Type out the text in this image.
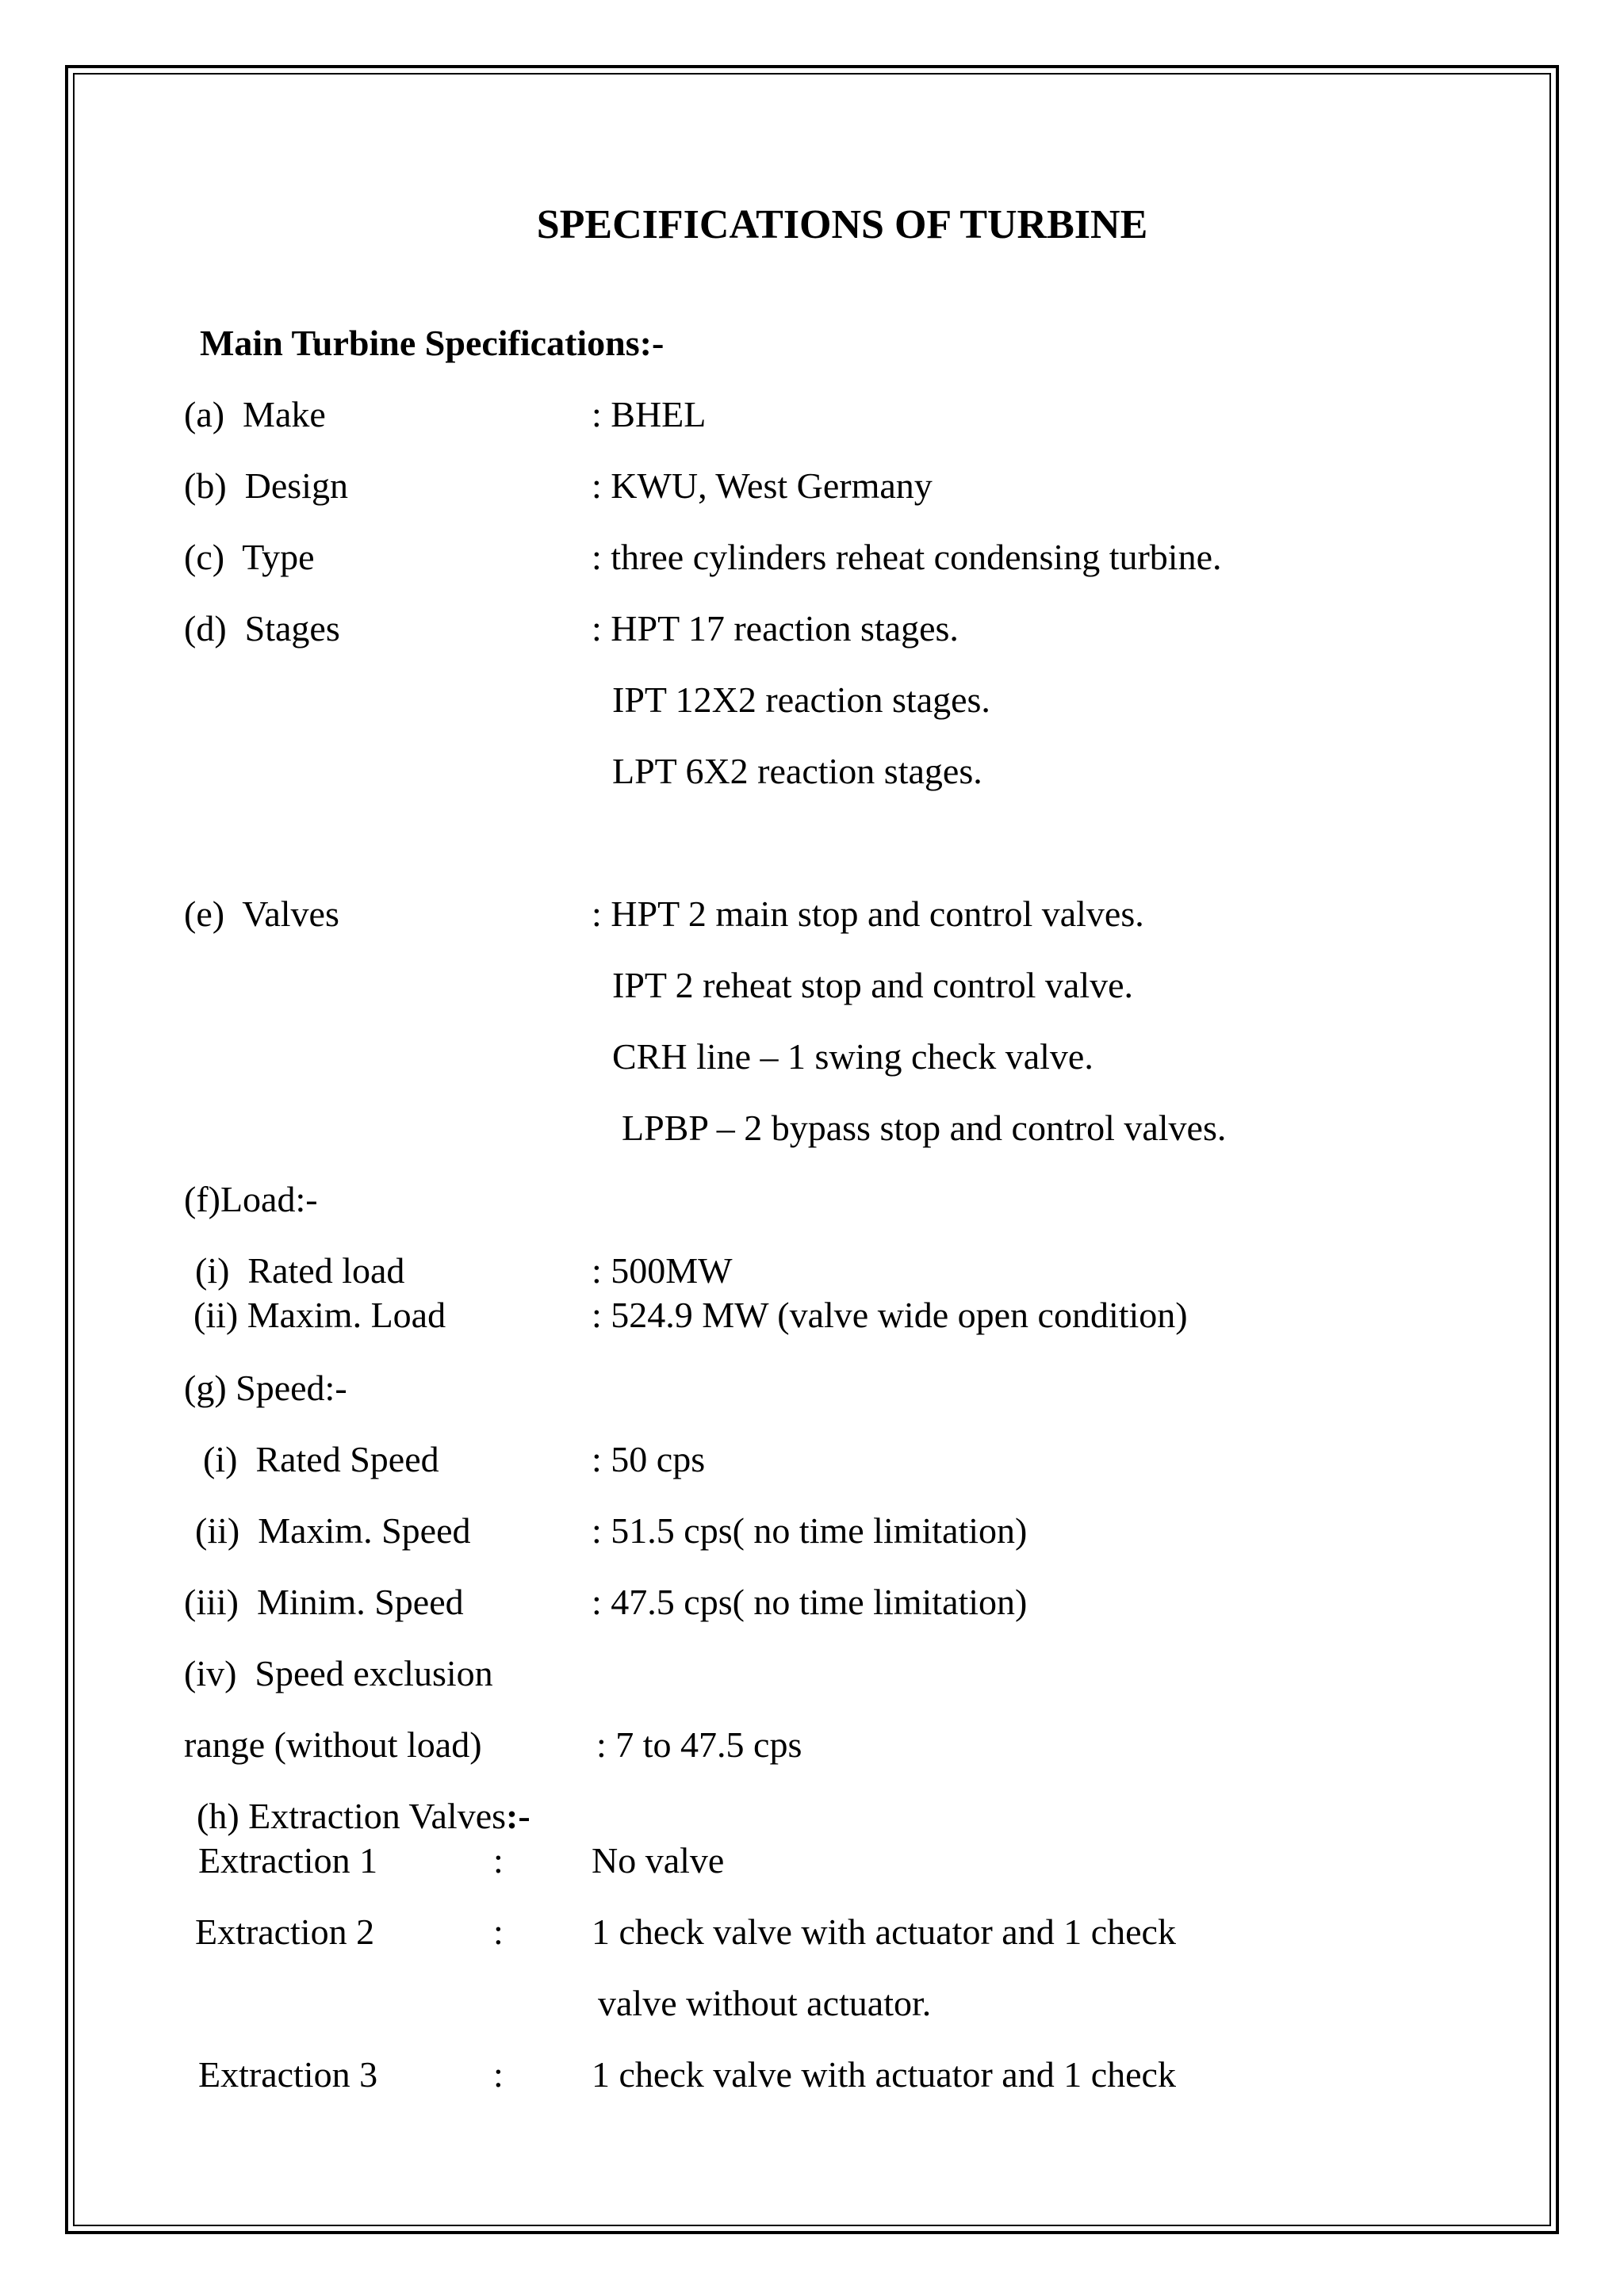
SPECIFICATIONS OF TURBINE
Main Turbine Specifications:-
(a)  Make	: BHEL
(b)  Design	: KWU, West Germany
(c)  Type	: three cylinders reheat condensing turbine.
(d)  Stages	: HPT 17 reaction stages.
IPT 12X2 reaction stages.
LPT 6X2 reaction stages.
(e)  Valves	: HPT 2 main stop and control valves.
IPT 2 reheat stop and control valve.
CRH line – 1 swing check valve.
LPBP – 2 bypass stop and control valves.
(f)Load:-
(i)  Rated load	: 500MW
(ii) Maxim. Load	: 524.9 MW (valve wide open condition)
(g) Speed:-
(i)  Rated Speed	: 50 cps
(ii)  Maxim. Speed	: 51.5 cps( no time limitation)
(iii)  Minim. Speed	: 47.5 cps( no time limitation)
(iv)  Speed exclusion
range (without load)	: 7 to 47.5 cps
(h) Extraction Valves:-
Extraction 1	: No valve
Extraction 2	: 1 check valve with actuator and 1 check
valve without actuator.
Extraction 3	: 1 check valve with actuator and 1 check
